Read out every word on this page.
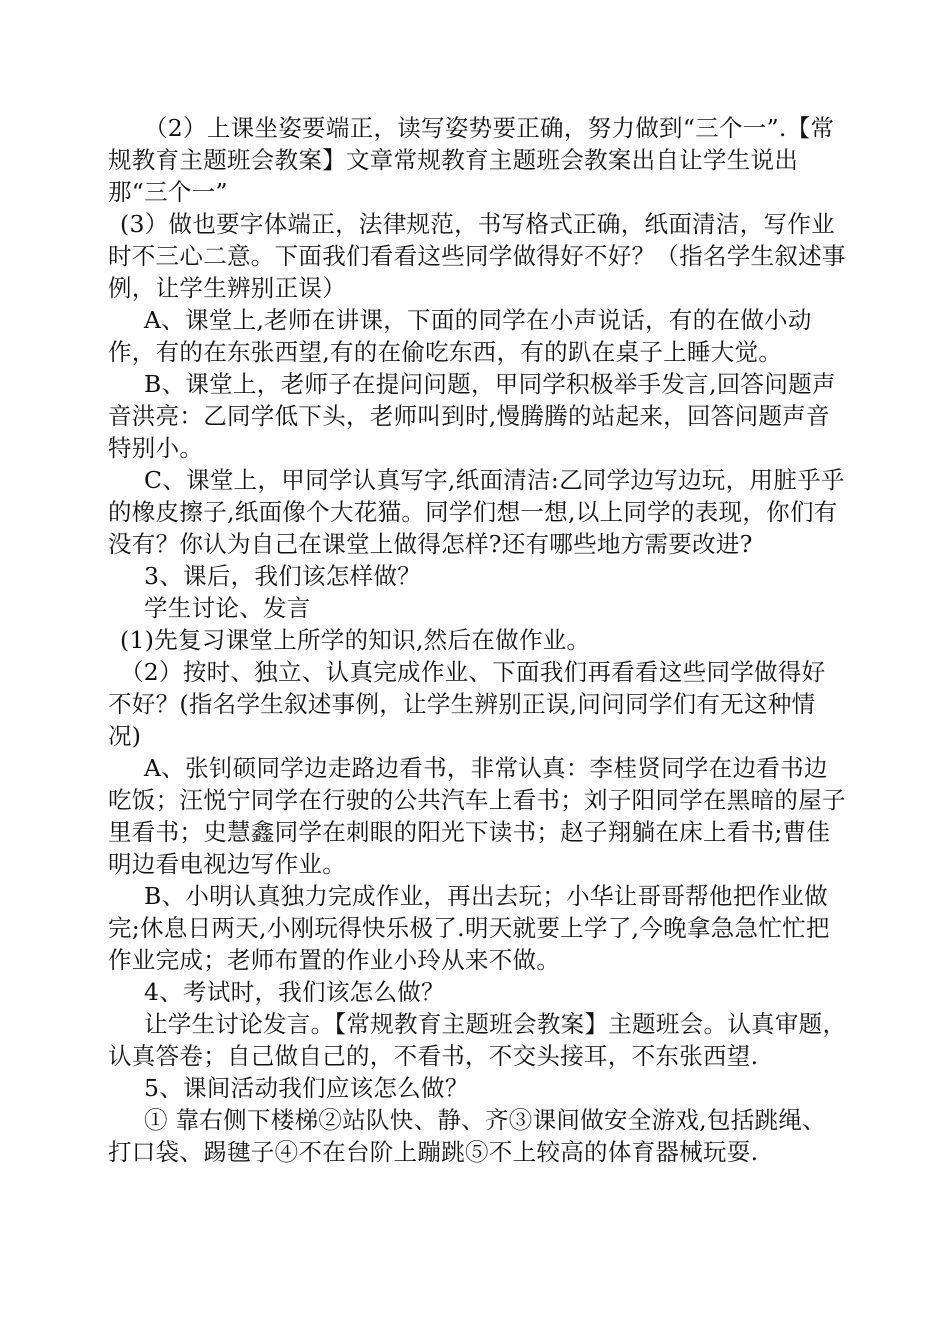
（2）上课坐姿要端正，读写姿势要正确，努力做到“三个一”.【常规教育主题班会教案】文章常规教育主题班会教案出自让学生说出那“三个一”

(3）做也要字体端正，法律规范，书写格式正确，纸面清洁，写作业时不三心二意。下面我们看看这些同学做得好不好？（指名学生叙述事例，让学生辨别正误）

A、课堂上,老师在讲课，下面的同学在小声说话，有的在做小动作，有的在东张西望,有的在偷吃东西，有的趴在桌子上睡大觉。

B、课堂上，老师子在提问问题，甲同学积极举手发言,回答问题声音洪亮：乙同学低下头，老师叫到时,慢腾腾的站起来，回答问题声音特别小。

C、课堂上，甲同学认真写字,纸面清洁:乙同学边写边玩，用脏乎乎的橡皮擦子,纸面像个大花猫。同学们想一想,以上同学的表现，你们有没有？你认为自己在课堂上做得怎样?还有哪些地方需要改进?

3、课后，我们该怎样做？

学生讨论、发言

(1)先复习课堂上所学的知识,然后在做作业。

（2）按时、独立、认真完成作业、下面我们再看看这些同学做得好不好？(指名学生叙述事例，让学生辨别正误,问问同学们有无这种情况)

A、张钊硕同学边走路边看书，非常认真：李桂贤同学在边看书边吃饭；汪悦宁同学在行驶的公共汽车上看书；刘子阳同学在黑暗的屋子里看书；史慧鑫同学在刺眼的阳光下读书；赵子翔躺在床上看书;曹佳明边看电视边写作业。

B、小明认真独力完成作业，再出去玩；小华让哥哥帮他把作业做完;休息日两天,小刚玩得快乐极了.明天就要上学了,今晚拿急急忙忙把作业完成；老师布置的作业小玲从来不做。

4、考试时，我们该怎么做？

让学生讨论发言。【常规教育主题班会教案】主题班会。认真审题，认真答卷；自己做自己的，不看书，不交头接耳，不东张西望.

5、课间活动我们应该怎么做？

① 靠右侧下楼梯②站队快、静、齐③课间做安全游戏,包括跳绳、打口袋、踢毽子④不在台阶上蹦跳⑤不上较高的体育器械玩耍.
